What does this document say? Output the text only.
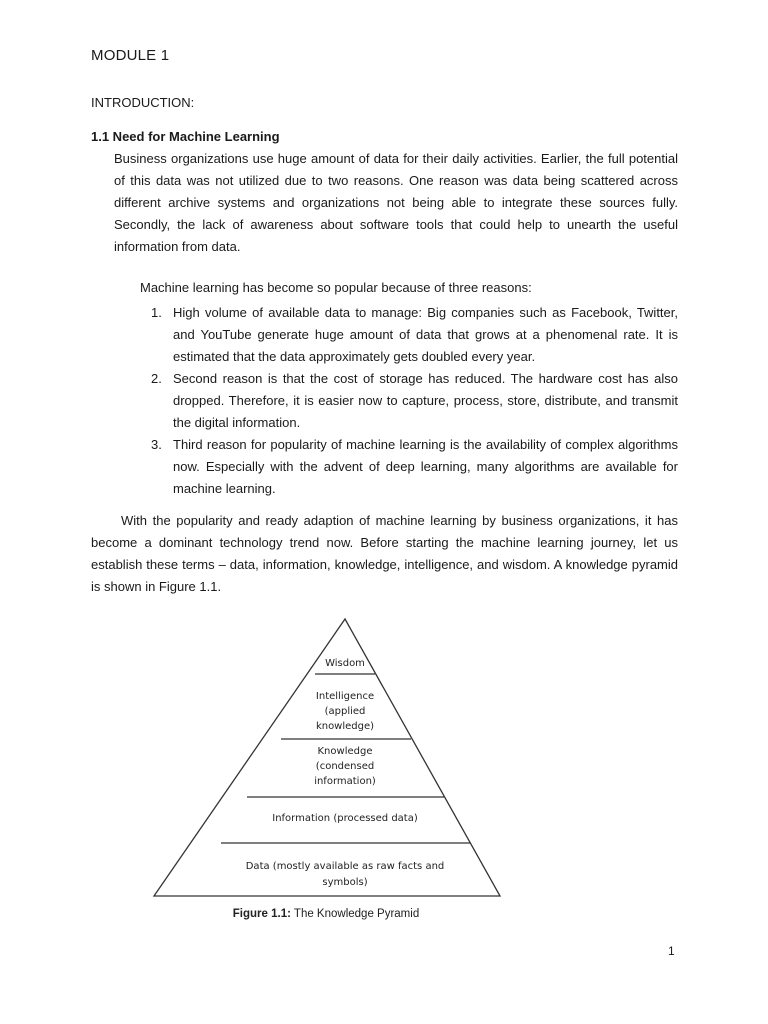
MODULE 1

INTRODUCTION:

1.1 Need for Machine Learning

Business organizations use huge amount of data for their daily activities. Earlier, the full potential of this data was not utilized due to two reasons. One reason was data being scattered across different archive systems and organizations not being able to integrate these sources fully. Secondly, the lack of awareness about software tools that could help to unearth the useful information from data.

Machine learning has become so popular because of three reasons:

1. High volume of available data to manage: Big companies such as Facebook, Twitter, and YouTube generate huge amount of data that grows at a phenomenal rate. It is estimated that the data approximately gets doubled every year.
2. Second reason is that the cost of storage has reduced. The hardware cost has also dropped. Therefore, it is easier now to capture, process, store, distribute, and transmit the digital information.
3. Third reason for popularity of machine learning is the availability of complex algorithms now. Especially with the advent of deep learning, many algorithms are available for machine learning.

With the popularity and ready adaption of machine learning by business organizations, it has become a dominant technology trend now. Before starting the machine learning journey, let us establish these terms – data, information, knowledge, intelligence, and wisdom. A knowledge pyramid is shown in Figure 1.1.

Wisdom
Intelligence
(applied
knowledge)
Knowledge
(condensed
information)
Information (processed data)
Data (mostly available as raw facts and
symbols)

Figure 1.1: The Knowledge Pyramid

1
